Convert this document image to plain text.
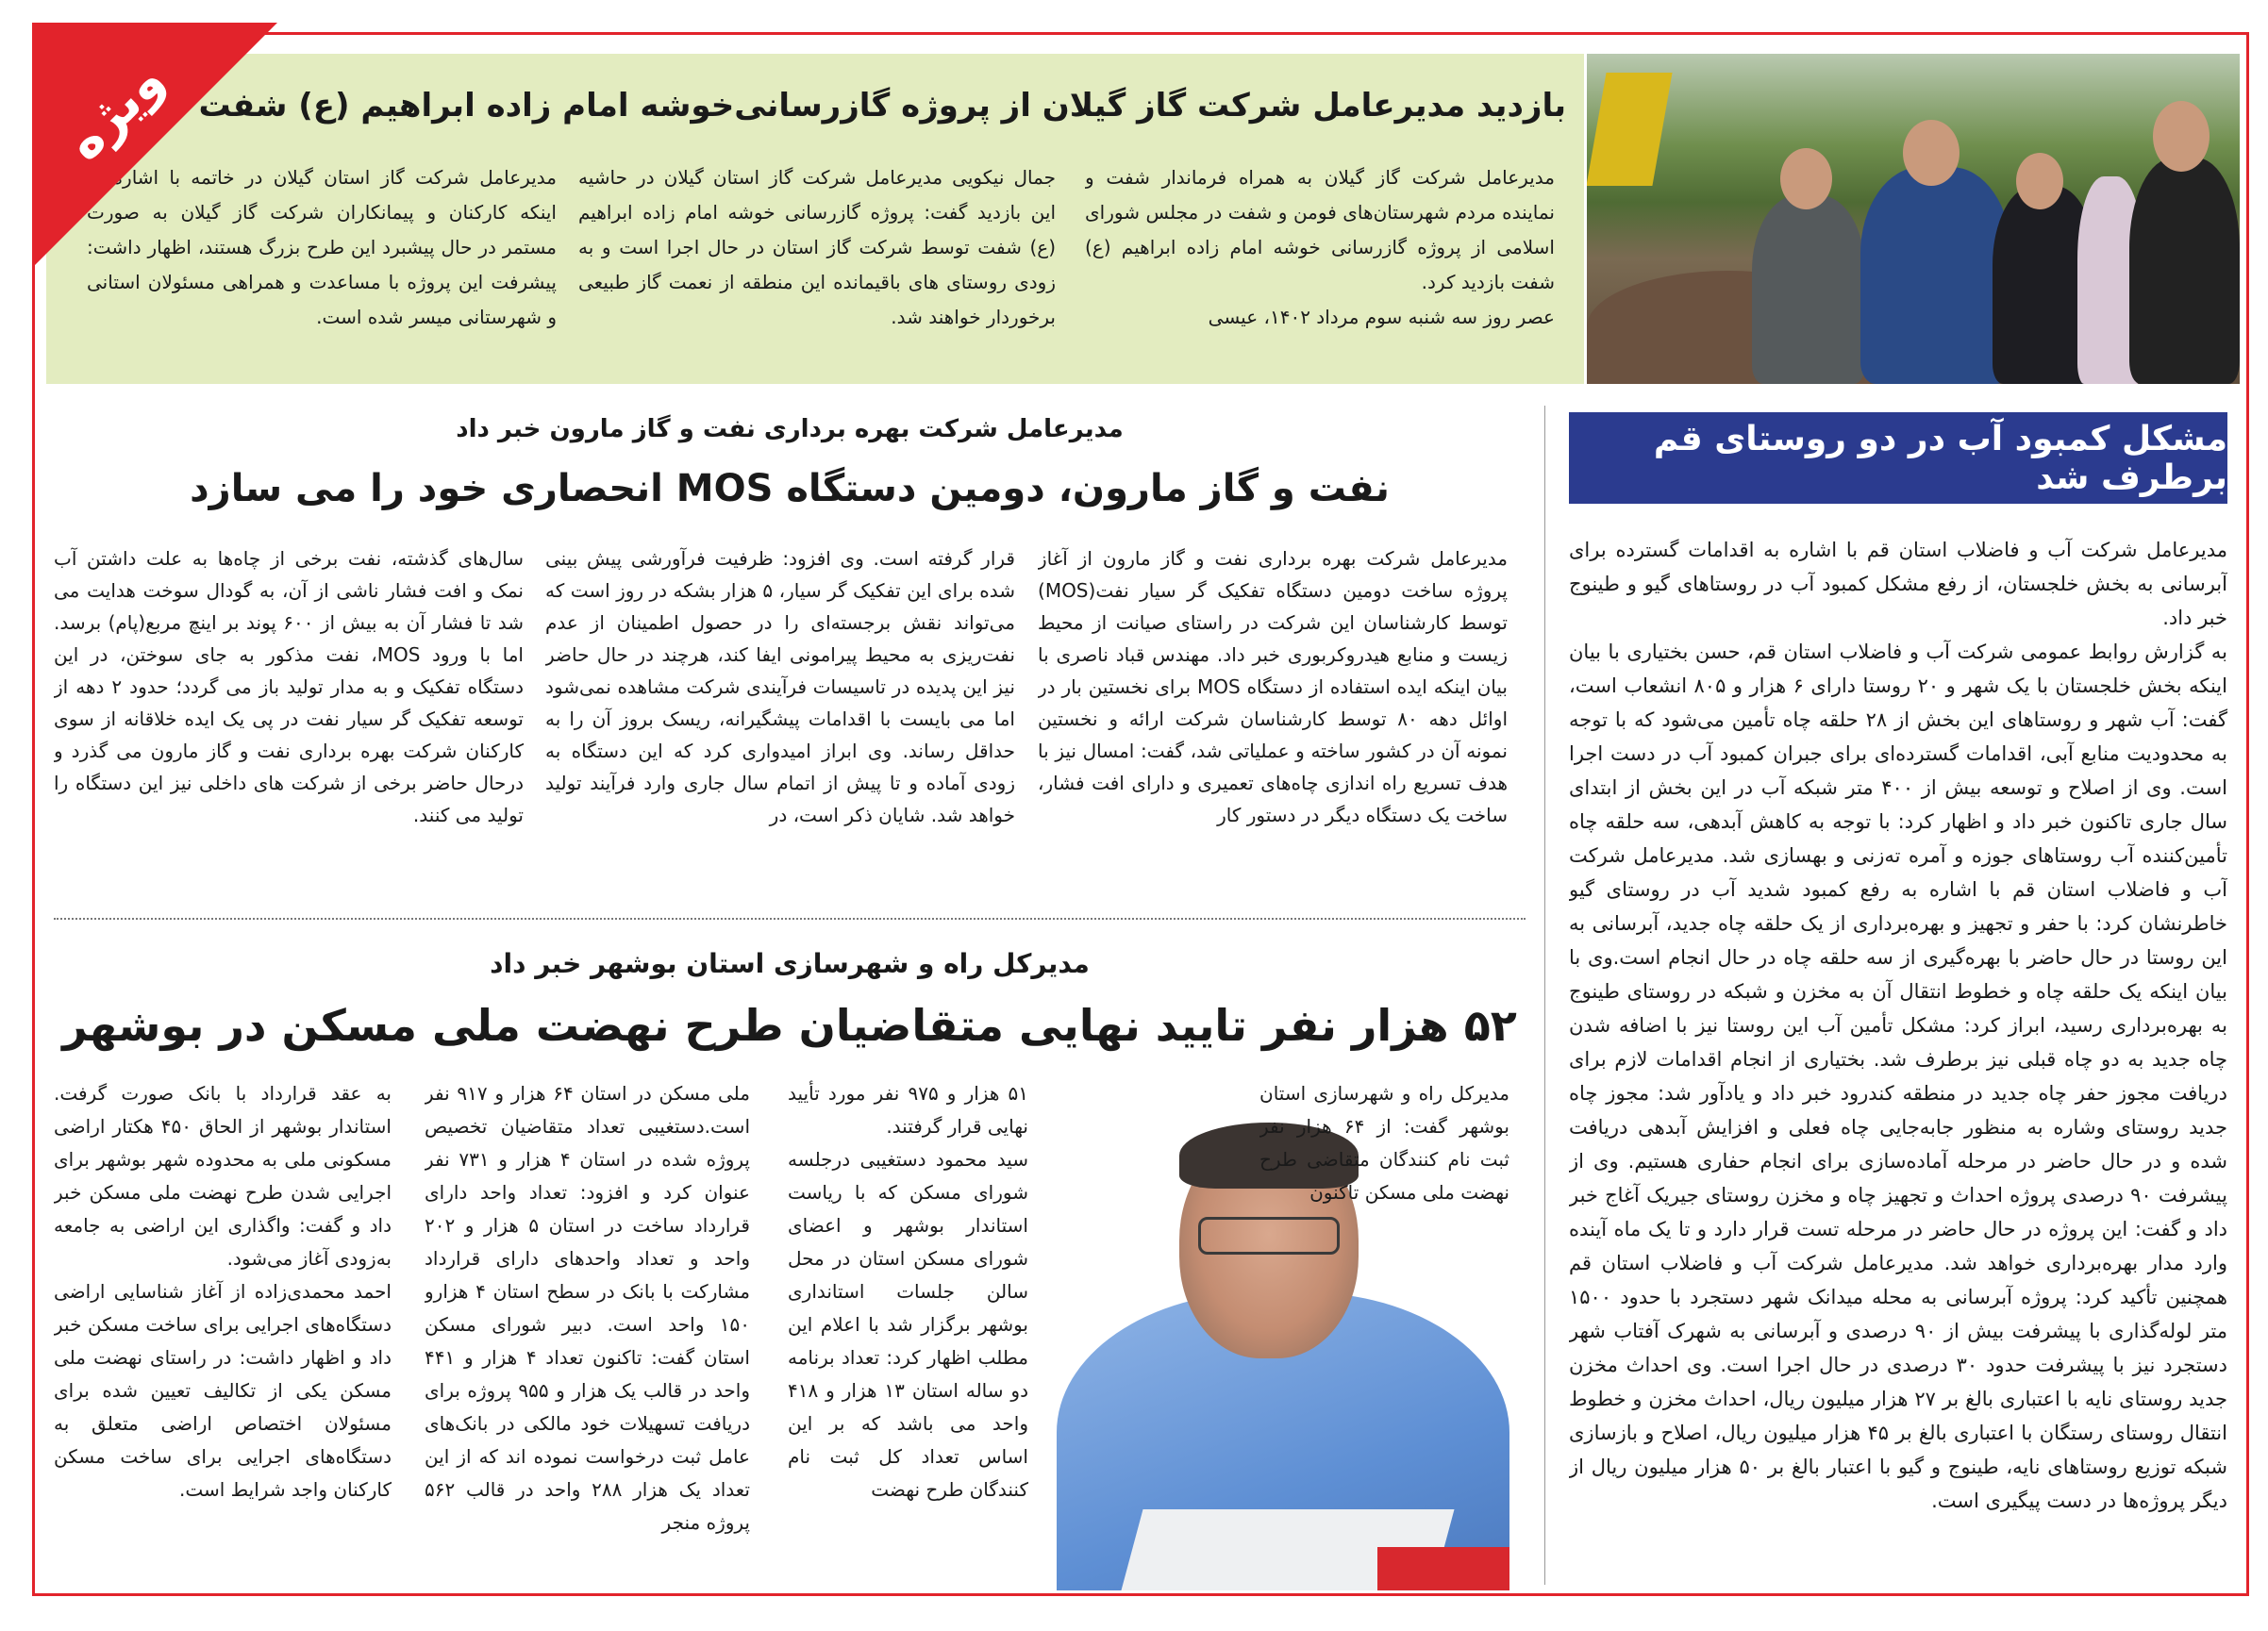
بازدید مدیرعامل شرکت گاز گیلان از پروژه گازرسانی‌خوشه امام زاده ابراهیم (ع) شفت

مدیرعامل شرکت گاز گیلان به همراه فرماندار شفت و نماینده مردم شهرستان‌های فومن و شفت در مجلس شورای اسلامی از پروژه گازرسانی خوشه امام زاده ابراهیم (ع) شفت بازدید کرد.

عصر روز سه شنبه سوم مرداد ۱۴۰۲، عیسی

جمال نیکویی مدیرعامل شرکت گاز استان گیلان در حاشیه این بازدید گفت: پروژه گازرسانی خوشه امام زاده ابراهیم (ع) شفت توسط شرکت گاز استان در حال اجرا است و به زودی روستای های باقیمانده این منطقه از نعمت گاز طبیعی برخوردار خواهند شد.

مدیرعامل شرکت گاز استان گیلان در خاتمه با اشاره به اینکه کارکنان و پیمانکاران شرکت گاز گیلان به صورت مستمر در حال پیشبرد این طرح بزرگ هستند، اظهار داشت: پیشرفت این پروژه با مساعدت و همراهی مسئولان استانی و شهرستانی میسر شده است.

ویژه
مشکل کمبود آب در دو روستای قم برطرف شد

مدیرعامل شرکت آب و فاضلاب استان قم با اشاره به اقدامات گسترده برای آبرسانی به بخش خلجستان، از رفع مشکل کمبود آب در روستاهای گیو و طینوج خبر داد.

به گزارش روابط عمومی شرکت آب و فاضلاب استان قم، حسن بختیاری با بیان اینکه بخش خلجستان با یک شهر و ۲۰ روستا دارای ۶ هزار و ۸۰۵ انشعاب است، گفت: آب شهر و روستاهای این بخش از ۲۸ حلقه چاه تأمین می‌شود که با توجه به محدودیت منابع آبی، اقدامات گسترده‌ای برای جبران کمبود آب در دست اجرا است. وی از اصلاح و توسعه بیش از ۴۰۰ متر شبکه آب در این بخش از ابتدای سال جاری تاکنون خبر داد و اظهار کرد: با توجه به کاهش آبدهی، سه حلقه چاه تأمین‌کننده آب روستاهای جوزه و آمره ته‌زنی و بهسازی شد. مدیرعامل شرکت آب و فاضلاب استان قم با اشاره به رفع کمبود شدید آب در روستای گیو خاطرنشان کرد: با حفر و تجهیز و بهره‌برداری از یک حلقه چاه جدید، آبرسانی به این روستا در حال حاضر با بهره‌گیری از سه حلقه چاه در حال انجام است.وی با بیان اینکه یک حلقه چاه و خطوط انتقال آن به مخزن و شبکه در روستای طینوج به بهره‌برداری رسید، ابراز کرد: مشکل تأمین آب این روستا نیز با اضافه شدن چاه جدید به دو چاه قبلی نیز برطرف شد. بختیاری از انجام اقدامات لازم برای دریافت مجوز حفر چاه جدید در منطقه کندرود خبر داد و یادآور شد: مجوز چاه جدید روستای وشاره به منظور جابه‌جایی چاه فعلی و افزایش آبدهی دریافت شده و در حال حاضر در مرحله آماده‌سازی برای انجام حفاری هستیم. وی از پیشرفت ۹۰ درصدی پروژه احداث و تجهیز چاه و مخزن روستای جیریک آغاج خبر داد و گفت: این پروژه در حال حاضر در مرحله تست قرار دارد و تا یک ماه آینده وارد مدار بهره‌برداری خواهد شد. مدیرعامل شرکت آب و فاضلاب استان قم همچنین تأکید کرد: پروژه آبرسانی به محله میدانک شهر دستجرد با حدود ۱۵۰۰ متر لوله‌گذاری با پیشرفت بیش از ۹۰ درصدی و آبرسانی به شهرک آفتاب شهر دستجرد نیز با پیشرفت حدود ۳۰ درصدی در حال اجرا است. وی احداث مخزن جدید روستای نایه با اعتباری بالغ بر ۲۷ هزار میلیون ریال، احداث مخزن و خطوط انتقال روستای رستگان با اعتباری بالغ بر ۴۵ هزار میلیون ریال، اصلاح و بازسازی شبکه توزیع روستاهای نایه، طینوج و گیو با اعتبار بالغ بر ۵۰ هزار میلیون ریال از دیگر پروژه‌ها در دست پیگیری است.

مدیرعامل شرکت بهره برداری نفت و گاز مارون خبر داد
نفت و گاز مارون، دومین دستگاه MOS انحصاری خود را می سازد
مدیرعامل شرکت بهره برداری نفت و گاز مارون از آغاز پروژه ساخت دومین دستگاه تفکیک گر سیار نفت(MOS) توسط کارشناسان این شرکت در راستای صیانت از محیط زیست و منابع هیدروکربوری خبر داد. مهندس قباد ناصری با بیان اینکه ایده استفاده از دستگاه MOS برای نخستین بار در اوائل دهه ۸۰ توسط کارشناسان شرکت ارائه و نخستین نمونه آن در کشور ساخته و عملیاتی شد، گفت: امسال نیز با هدف تسریع راه اندازی چاه‌های تعمیری و دارای افت فشار، ساخت یک دستگاه دیگر در دستور کار
قرار گرفته است. وی افزود: ظرفیت فرآورشی پیش بینی شده برای این تفکیک گر سیار، ۵ هزار بشکه در روز است که می‌تواند نقش برجسته‌ای را در حصول اطمینان از عدم نفت‌ریزی به محیط پیرامونی ایفا کند، هرچند در حال حاضر نیز این پدیده در تاسیسات فرآیندی شرکت مشاهده نمی‌شود اما می بایست با اقدامات پیشگیرانه، ریسک بروز آن را به حداقل رساند. وی ابراز امیدواری کرد که این دستگاه به زودی آماده و تا پیش از اتمام سال جاری وارد فرآیند تولید خواهد شد. شایان ذکر است، در
سال‌های گذشته، نفت برخی از چاه‌ها به علت داشتن آب نمک و افت فشار ناشی از آن، به گودال سوخت هدایت می شد تا فشار آن به بیش از ۶۰۰ پوند بر اینچ مربع(پام) برسد. اما با ورود MOS، نفت مذکور به جای سوختن، در این دستگاه تفکیک و به مدار تولید باز می گردد؛ حدود ۲ دهه از توسعه تفکیک گر سیار نفت در پی یک ایده خلاقانه از سوی کارکنان شرکت بهره برداری نفت و گاز مارون می گذرد و درحال حاضر برخی از شرکت های داخلی نیز این دستگاه را تولید می کنند.
مدیرکل راه و شهرسازی استان بوشهر خبر داد
۵۲ هزار نفر تایید نهایی متقاضیان طرح نهضت ملی مسکن در بوشهر

مدیرکل راه و شهرسازی استان بوشهر گفت: از ۶۴ هزار نفر ثبت نام کنندگان متقاضی طرح نهضت ملی مسکن تاکنون

۵۱ هزار و ۹۷۵ نفر مورد تأیید نهایی قرار گرفتند.

سید محمود دستغیبی درجلسه شورای مسکن که با ریاست استاندار بوشهر و اعضای شورای مسکن استان در محل سالن جلسات استانداری بوشهر برگزار شد با اعلام این مطلب اظهار کرد: تعداد برنامه دو ساله استان ۱۳ هزار و ۴۱۸ واحد می باشد که بر این اساس تعداد کل ثبت نام کنندگان طرح نهضت

ملی مسکن در استان ۶۴ هزار و ۹۱۷ نفر است.دستغیبی تعداد متقاضیان تخصیص پروژه شده در استان ۴ هزار و ۷۳۱ نفر عنوان کرد و افزود: تعداد واحد دارای قرارداد ساخت در استان ۵ هزار و ۲۰۲ واحد و تعداد واحدهای دارای قرارداد مشارکت با بانک در سطح استان ۴ هزارو ۱۵۰ واحد است. دبیر شورای مسکن استان گفت: تاکنون تعداد ۴ هزار و ۴۴۱ واحد در قالب یک هزار و ۹۵۵ پروژه برای دریافت تسهیلات خود مالکی در بانک‌های عامل ثبت درخواست نموده اند که از این تعداد یک هزار ۲۸۸ واحد در قالب ۵۶۲ پروژه منجر

به عقد قرارداد با بانک صورت گرفت. استاندار بوشهر از الحاق ۴۵۰ هکتار اراضی مسکونی ملی به محدوده شهر بوشهر برای اجرایی شدن طرح نهضت ملی مسکن خبر داد و گفت: واگذاری این اراضی به جامعه به‌زودی آغاز می‌شود.

احمد محمدی‌زاده از آغاز شناسایی اراضی دستگاه‌های اجرایی برای ساخت مسکن خبر داد و اظهار داشت: در راستای نهضت ملی مسکن یکی از تکالیف تعیین شده برای مسئولان اختصاص اراضی متعلق به دستگاه‌های اجرایی برای ساخت مسکن کارکنان واجد شرایط است.
